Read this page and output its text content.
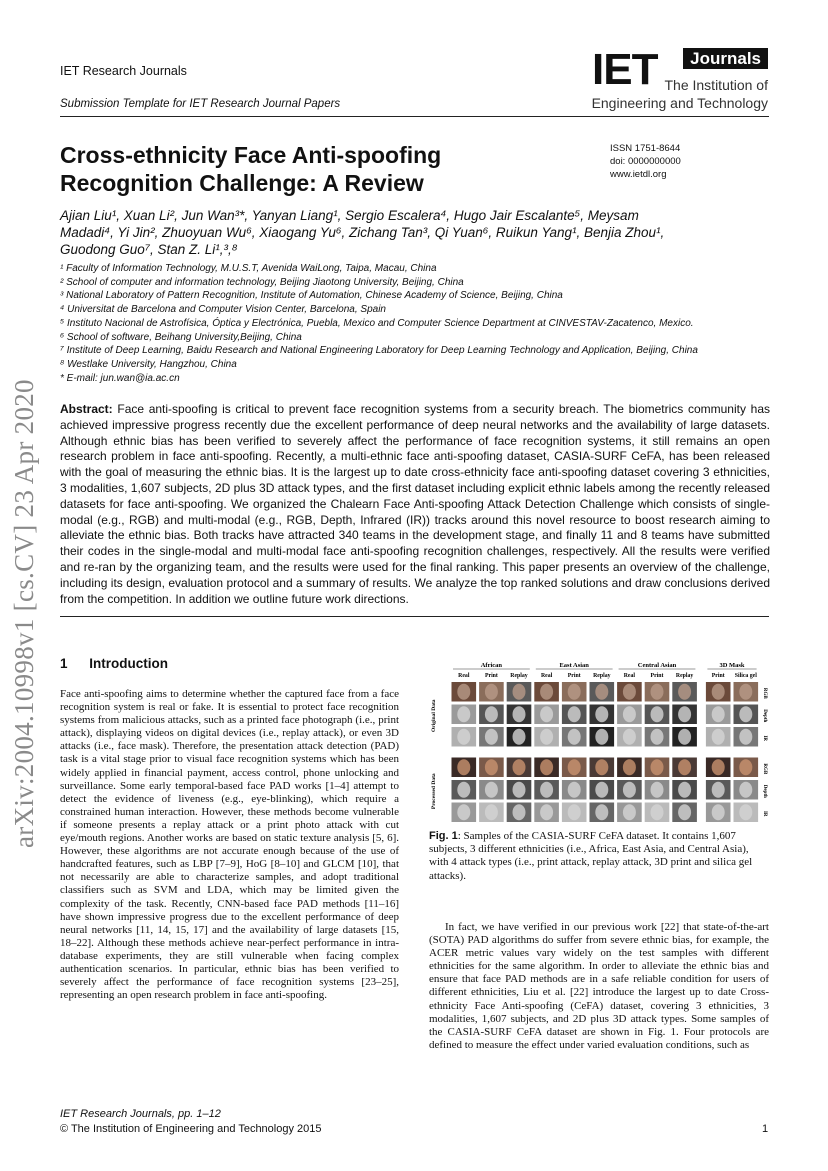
arXiv:2004.10998v1 [cs.CV] 23 Apr 2020
IET Research Journals
Submission Template for IET Research Journal Papers
IET	Journals
The Institution of
Engineering and Technology
Cross-ethnicity Face Anti-spoofing
Recognition Challenge: A Review
ISSN 1751-8644
doi: 0000000000
www.ietdl.org
Ajian Liu¹, Xuan Li², Jun Wan³*, Yanyan Liang¹, Sergio Escalera⁴, Hugo Jair Escalante⁵, Meysam
Madadi⁴, Yi Jin², Zhuoyuan Wu⁶, Xiaogang Yu⁶, Zichang Tan³, Qi Yuan⁶, Ruikun Yang¹, Benjia Zhou¹,
Guodong Guo⁷, Stan Z. Li¹,³,⁸
¹ Faculty of Information Technology, M.U.S.T, Avenida WaiLong, Taipa, Macau, China
² School of computer and information technology, Beijing Jiaotong University, Beijing, China
³ National Laboratory of Pattern Recognition, Institute of Automation, Chinese Academy of Science, Beijing, China
⁴ Universitat de Barcelona and Computer Vision Center, Barcelona, Spain
⁵ Instituto Nacional de Astrofísica, Óptica y Electrónica, Puebla, Mexico and Computer Science Department at CINVESTAV-Zacatenco, Mexico.
⁶ School of software, Beihang University,Beijing, China
⁷ Institute of Deep Learning, Baidu Research and National Engineering Laboratory for Deep Learning Technology and Application, Beijing, China
⁸ Westlake University, Hangzhou, China
* E-mail: jun.wan@ia.ac.cn
Abstract: Face anti-spoofing is critical to prevent face recognition systems from a security breach. The biometrics community has achieved impressive progress recently due the excellent performance of deep neural networks and the availability of large datasets. Although ethnic bias has been verified to severely affect the performance of face recognition systems, it still remains an open research problem in face anti-spoofing. Recently, a multi-ethnic face anti-spoofing dataset, CASIA-SURF CeFA, has been released with the goal of measuring the ethnic bias. It is the largest up to date cross-ethnicity face anti-spoofing dataset covering 3 ethnicities, 3 modalities, 1,607 subjects, 2D plus 3D attack types, and the first dataset including explicit ethnic labels among the recently released datasets for face anti-spoofing. We organized the Chalearn Face Anti-spoofing Attack Detection Challenge which consists of single-modal (e.g., RGB) and multi-modal (e.g., RGB, Depth, Infrared (IR)) tracks around this novel resource to boost research aiming to alleviate the ethnic bias. Both tracks have attracted 340 teams in the development stage, and finally 11 and 8 teams have submitted their codes in the single-modal and multi-modal face anti-spoofing recognition challenges, respectively. All the results were verified and re-ran by the organizing team, and the results were used for the final ranking. This paper presents an overview of the challenge, including its design, evaluation protocol and a summary of results. We analyze the top ranked solutions and draw conclusions derived from the competition. In addition we outline future work directions.
1 Introduction

Face anti-spoofing aims to determine whether the captured face from a face recognition system is real or fake. It is essential to protect face recognition systems from malicious attacks, such as a printed face photograph (i.e., print attack), displaying videos on digital devices (i.e., replay attack), or even 3D attacks (i.e., face mask). Therefore, the presentation attack detection (PAD) task is a vital stage prior to visual face recognition systems which has been widely applied in financial payment, access control, phone unlocking and surveillance. Some early temporal-based face PAD works [1–4] attempt to detect the evidence of liveness (e.g., eye-blinking), which require a constrained human interaction. However, these methods become vulnerable if someone presents a replay attack or a print photo attack with cut eye/mouth regions. Another works are based on static texture analysis [5, 6]. However, these algorithms are not accurate enough because of the use of handcrafted features, such as LBP [7–9], HoG [8–10] and GLCM [10], that not necessarily are able to characterize samples, and adopt traditional classifiers such as SVM and LDA, which may be limited given the complexity of the task. Recently, CNN-based face PAD methods [11–16] have shown impressive progress due to the excellent performance of deep neural networks [11, 14, 15, 17] and the availability of large datasets [15, 18–22]. Although these methods achieve near-perfect performance in intra-database experiments, they are still vulnerable when facing complex authentication scenarios. In particular, ethnic bias has been verified to severely affect the performance of face recognition systems [23–25], representing an open research problem in face anti-spoofing.

African	East Asian	Central Asian	3D Mask
Real	Print Replay Real	Print Replay Real	Print Replay	Print Silica gel
Original Data
Processed Data
RGB
Depth
IR
RGB
Depth
IR
Fig. 1: Samples of the CASIA-SURF CeFA dataset. It contains 1,607 subjects, 3 different ethnicities (i.e., Africa, East Asia, and Central Asia), with 4 attack types (i.e., print attack, replay attack, 3D print and silica gel attacks).
In fact, we have verified in our previous work [22] that state-of-the-art (SOTA) PAD algorithms do suffer from severe ethnic bias, for example, the ACER metric values vary widely on the test samples with different ethnicities for the same algorithm. In order to alleviate the ethnic bias and ensure that face PAD methods are in a safe reliable condition for users of different ethnicities, Liu et al. [22] introduce the largest up to date Cross-ethnicity Face Anti-spoofing (CeFA) dataset, covering 3 ethnicities, 3 modalities, 1,607 subjects, and 2D plus 3D attack types. Some samples of the CASIA-SURF CeFA dataset are shown in Fig. 1. Four protocols are defined to measure the effect under varied evaluation conditions, such as
IET Research Journals, pp. 1–12
© The Institution of Engineering and Technology 2015	1
